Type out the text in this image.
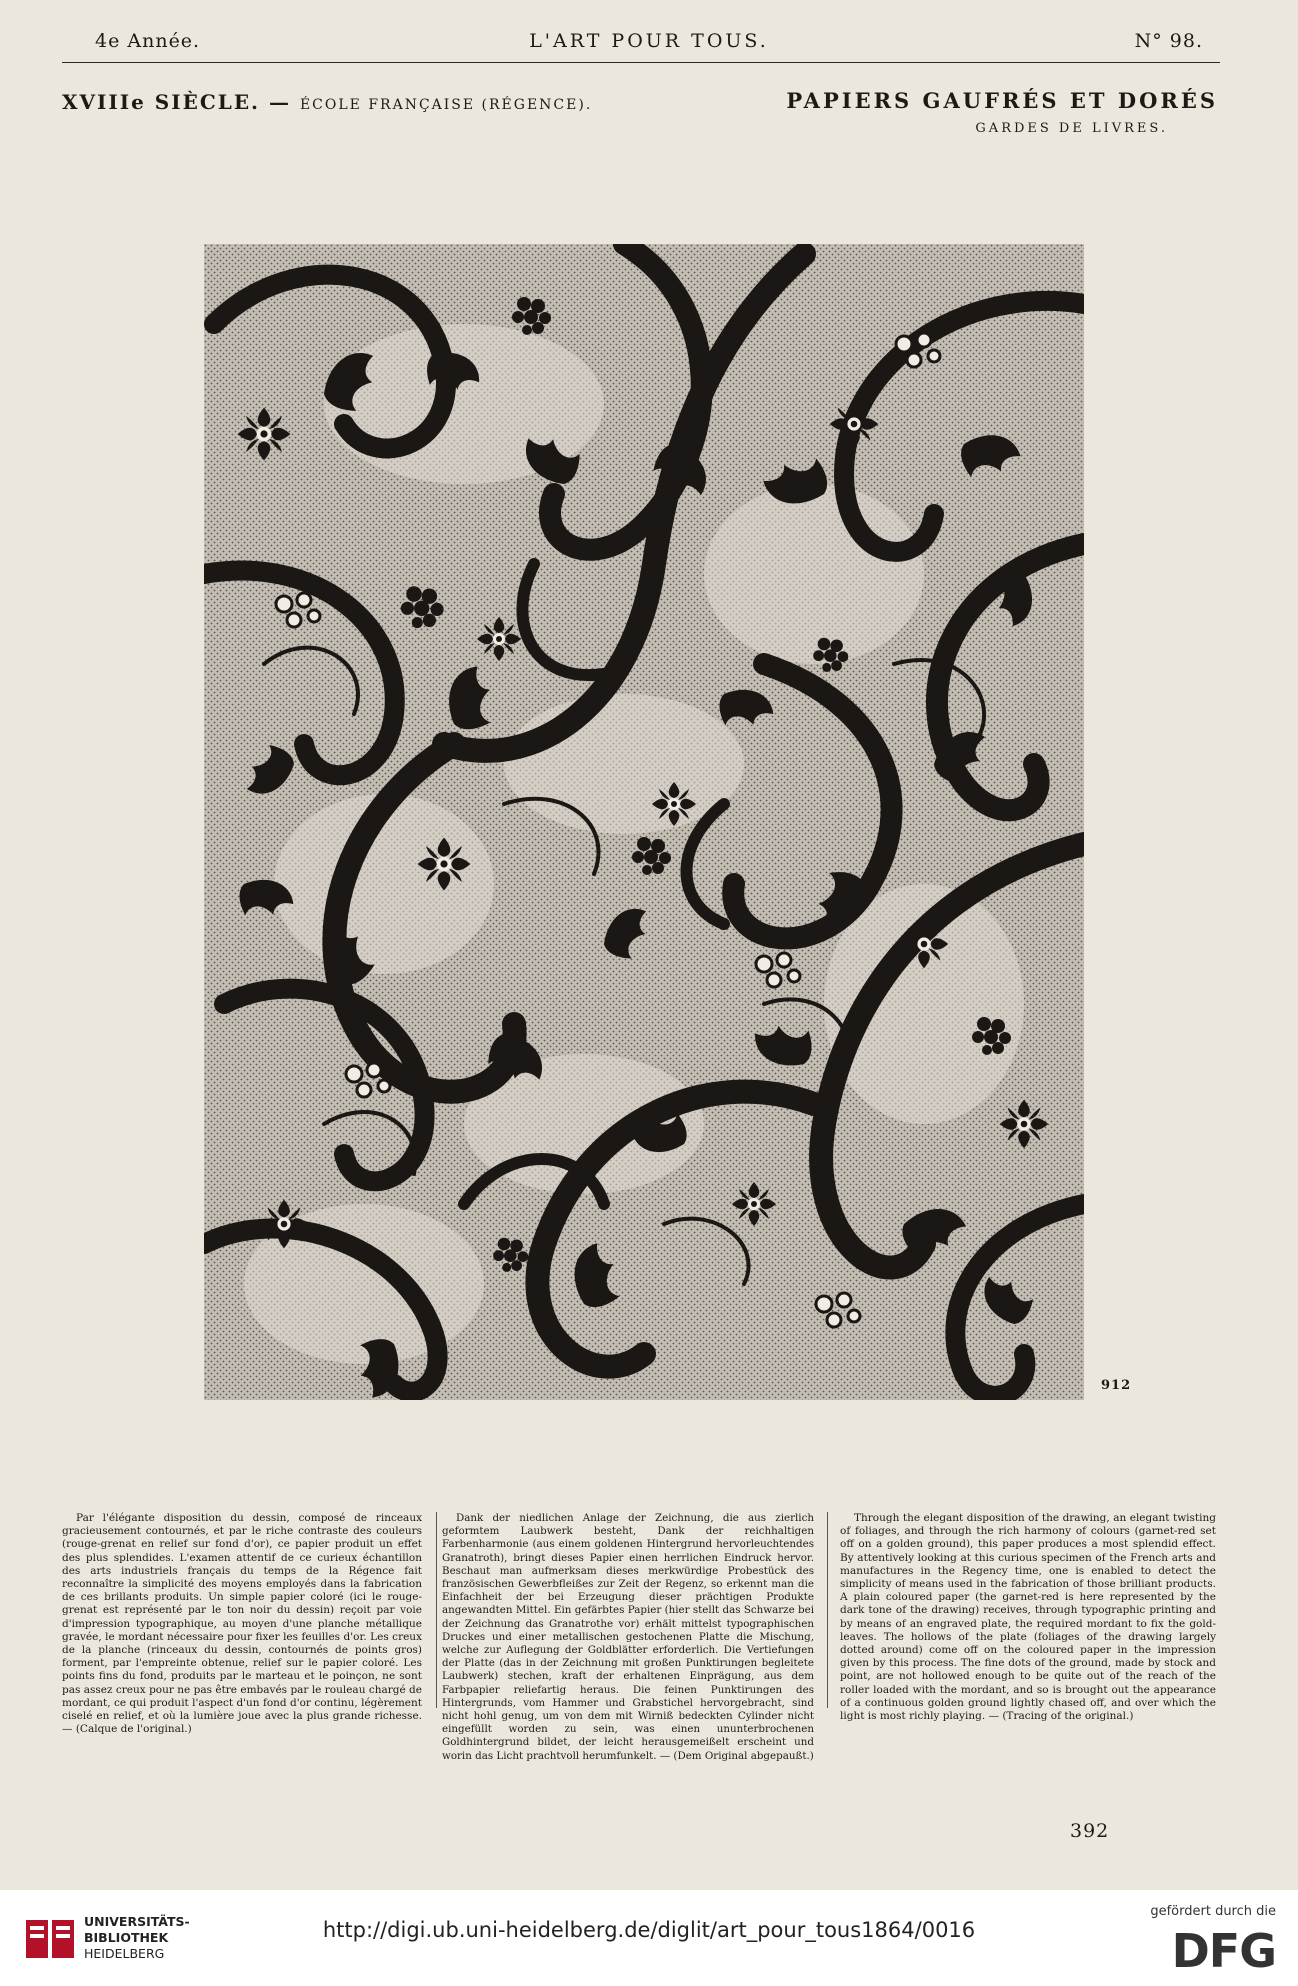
4e Année.	L'ART POUR TOUS.	N° 98.
XVIIIe SIÈCLE. — ÉCOLE FRANÇAISE (RÉGENCE).	PAPIERS GAUFRÉS ET DORÉS
GARDES DE LIVRES.
912
Par l'élégante disposition du dessin, composé de rinceaux gracieusement contournés, et par le riche contraste des couleurs (rouge-grenat en relief sur fond d'or), ce papier produit un effet des plus splendides. L'examen attentif de ce curieux échantillon des arts industriels français du temps de la Régence fait reconnaître la simplicité des moyens employés dans la fabrication de ces brillants produits. Un simple papier coloré (ici le rouge-grenat est représenté par le ton noir du dessin) reçoit par voie d'impression typographique, au moyen d'une planche métallique gravée, le mordant nécessaire pour fixer les feuilles d'or. Les creux de la planche (rinceaux du dessin, contournés de points gros) forment, par l'empreinte obtenue, relief sur le papier coloré. Les points fins du fond, produits par le marteau et le poinçon, ne sont pas assez creux pour ne pas être embavés par le rouleau chargé de mordant, ce qui produit l'aspect d'un fond d'or continu, légèrement ciselé en relief, et où la lumière joue avec la plus grande richesse. — (Calque de l'original.)
Dank der niedlichen Anlage der Zeichnung, die aus zierlich geformtem Laubwerk besteht, Dank der reichhaltigen Farbenharmonie (aus einem goldenen Hintergrund hervorleuchtendes Granatroth), bringt dieses Papier einen herrlichen Eindruck hervor. Beschaut man aufmerksam dieses merkwürdige Probestück des französischen Gewerbfleißes zur Zeit der Regenz, so erkennt man die Einfachheit der bei Erzeugung dieser prächtigen Produkte angewandten Mittel. Ein gefärbtes Papier (hier stellt das Schwarze bei der Zeichnung das Granatrothe vor) erhält mittelst typographischen Druckes und einer metallischen gestochenen Platte die Mischung, welche zur Auflegung der Goldblätter erforderlich. Die Vertiefungen der Platte (das in der Zeichnung mit großen Punktirungen begleitete Laubwerk) stechen, kraft der erhaltenen Einprägung, aus dem Farbpapier reliefartig heraus. Die feinen Punktirungen des Hintergrunds, vom Hammer und Grabstichel hervorgebracht, sind nicht hohl genug, um von dem mit Wirniß bedeckten Cylinder nicht eingefüllt worden zu sein, was einen ununterbrochenen Goldhintergrund bildet, der leicht herausgemeißelt erscheint und worin das Licht prachtvoll herumfunkelt. — (Dem Original abgepaußt.)
Through the elegant disposition of the drawing, an elegant twisting of foliages, and through the rich harmony of colours (garnet-red set off on a golden ground), this paper produces a most splendid effect. By attentively looking at this curious specimen of the French arts and manufactures in the Regency time, one is enabled to detect the simplicity of means used in the fabrication of those brilliant products. A plain coloured paper (the garnet-red is here represented by the dark tone of the drawing) receives, through typographic printing and by means of an engraved plate, the required mordant to fix the gold-leaves. The hollows of the plate (foliages of the drawing largely dotted around) come off on the coloured paper in the impression given by this process. The fine dots of the ground, made by stock and point, are not hollowed enough to be quite out of the reach of the roller loaded with the mordant, and so is brought out the appearance of a continuous golden ground lightly chased off, and over which the light is most richly playing. — (Tracing of the original.)
392
UNIVERSITÄTS-
BIBLIOTHEK
HEIDELBERG
http://digi.ub.uni-heidelberg.de/diglit/art_pour_tous1864/0016
gefördert durch die
DFG
